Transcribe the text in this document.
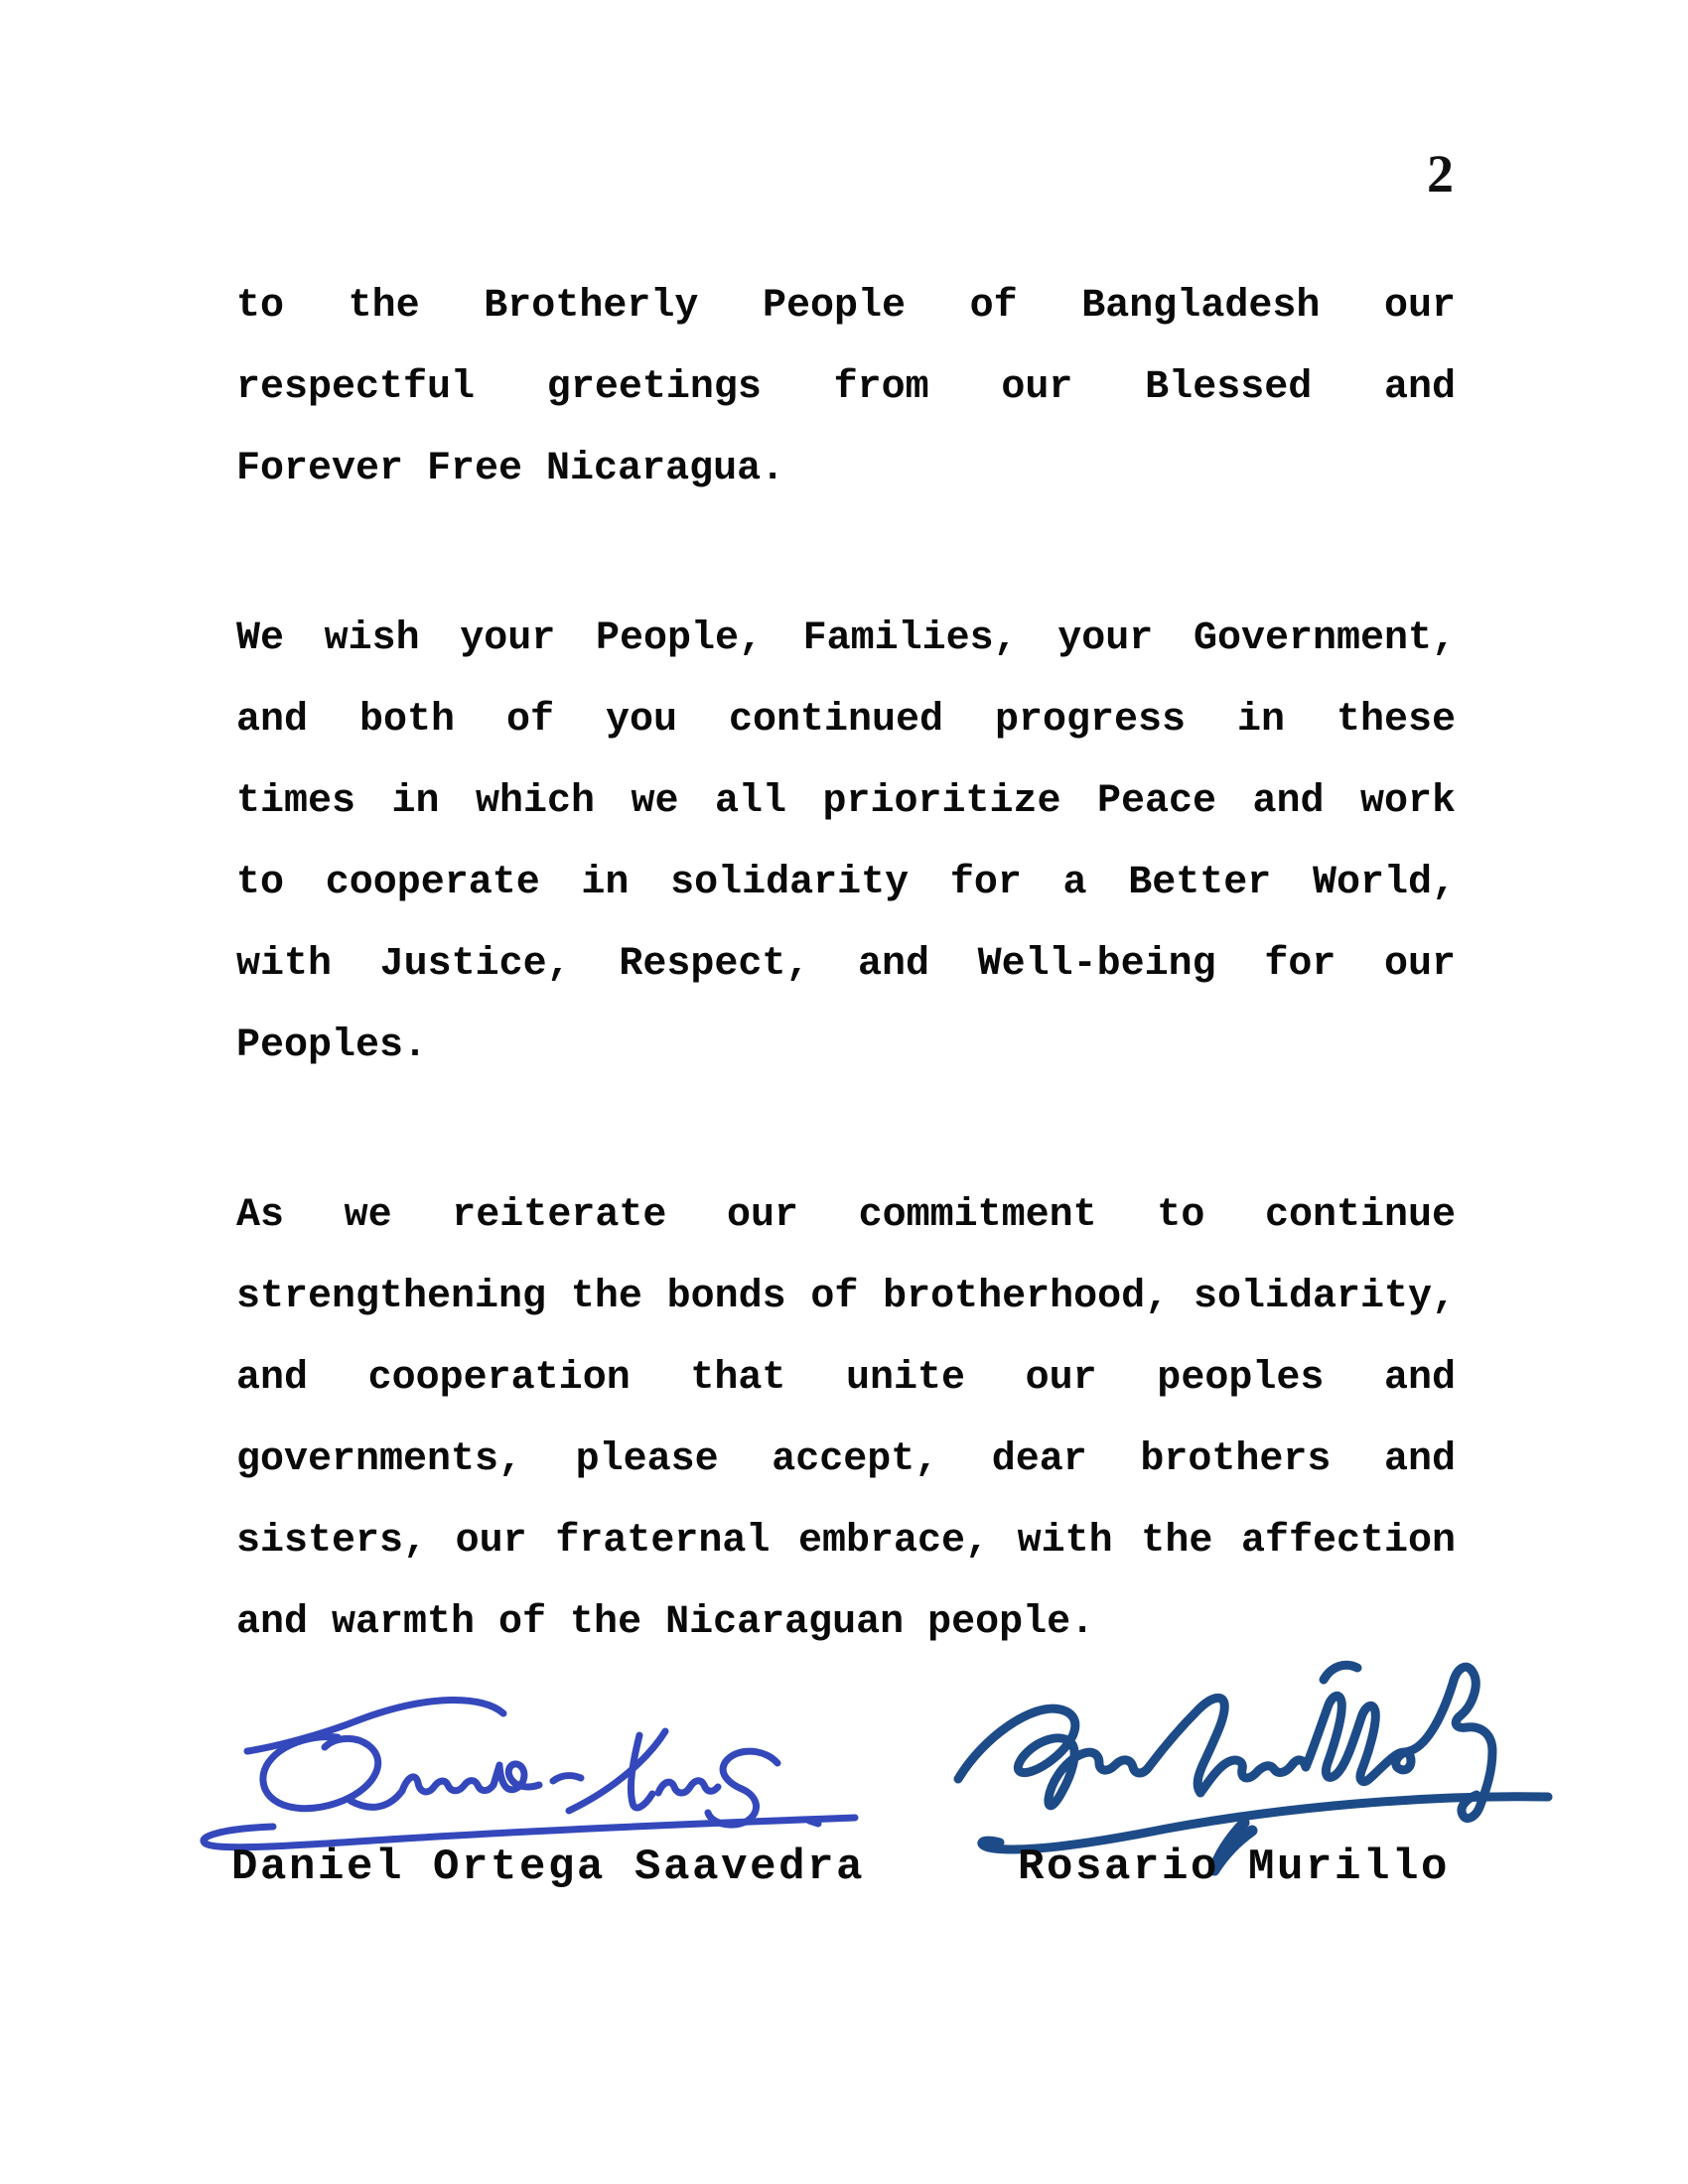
2
to the Brotherly People of Bangladesh our
respectful greetings from our Blessed and
Forever Free Nicaragua.
We wish your People, Families, your Government,
and both of you continued progress in these
times in which we all prioritize Peace and work
to cooperate in solidarity for a Better World,
with Justice, Respect, and Well-being for our
Peoples.
As we reiterate our commitment to continue
strengthening the bonds of brotherhood, solidarity,
and cooperation that unite our peoples and
governments, please accept, dear brothers and
sisters, our fraternal embrace, with the affection
and warmth of the Nicaraguan people.
Daniel Ortega Saavedra	Rosario Murillo
